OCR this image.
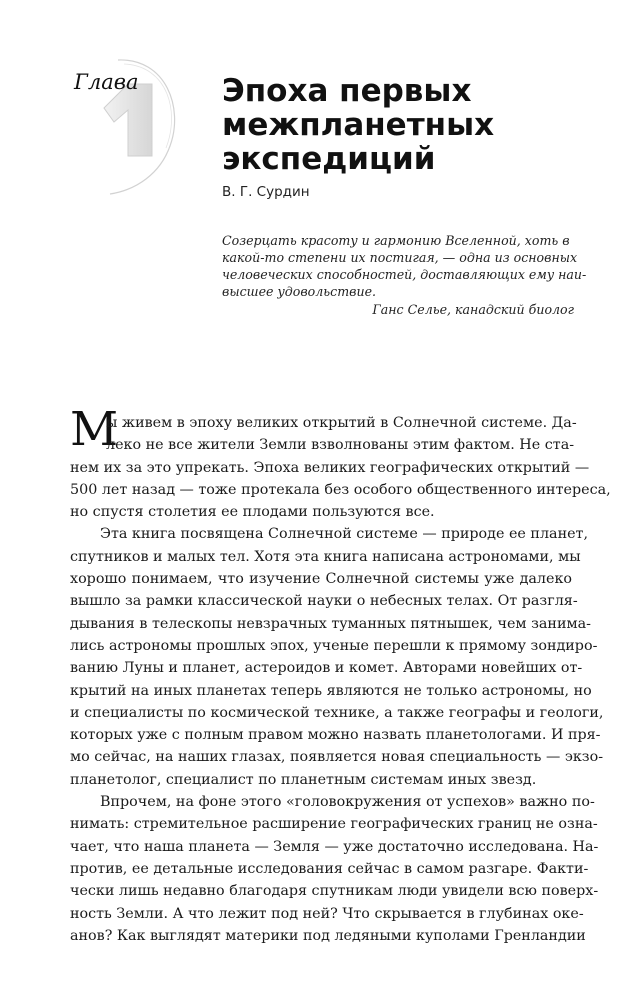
Глава	Эпоха первых
межпланетных
экспедиций
В. Г. Сурдин
Созерцать красоту и гармонию Вселенной, хоть в
какой-то степени их постигая, — одна из основных
человеческих способностей, доставляющих ему наи-
высшее удовольствие.
Ганс Селье, канадский биолог
М
ы живем в эпоху великих открытий в Солнечной системе. Да-
леко не все жители Земли взволнованы этим фактом. Не ста-
нем их за это упрекать. Эпоха великих географических открытий —
500 лет назад — тоже протекала без особого общественного интереса,
но спустя столетия ее плодами пользуются все.
Эта книга посвящена Солнечной системе — природе ее планет,
спутников и малых тел. Хотя эта книга написана астрономами, мы
хорошо понимаем, что изучение Солнечной системы уже далеко
вышло за рамки классической науки о небесных телах. От разгля-
дывания в телескопы невзрачных туманных пятнышек, чем занима-
лись астрономы прошлых эпох, ученые перешли к прямому зондиро-
ванию Луны и планет, астероидов и комет. Авторами новейших от-
крытий на иных планетах теперь являются не только астрономы, но
и специалисты по космической технике, а также географы и геологи,
которых уже с полным правом можно назвать планетологами. И пря-
мо сейчас, на наших глазах, появляется новая специальность — экзо-
планетолог, специалист по планетным системам иных звезд.
Впрочем, на фоне этого «головокружения от успехов» важно по-
нимать: стремительное расширение географических границ не озна-
чает, что наша планета — Земля — уже достаточно исследована. На-
против, ее детальные исследования сейчас в самом разгаре. Факти-
чески лишь недавно благодаря спутникам люди увидели всю поверх-
ность Земли. А что лежит под ней? Что скрывается в глубинах оке-
анов? Как выглядят материки под ледяными куполами Гренландии
